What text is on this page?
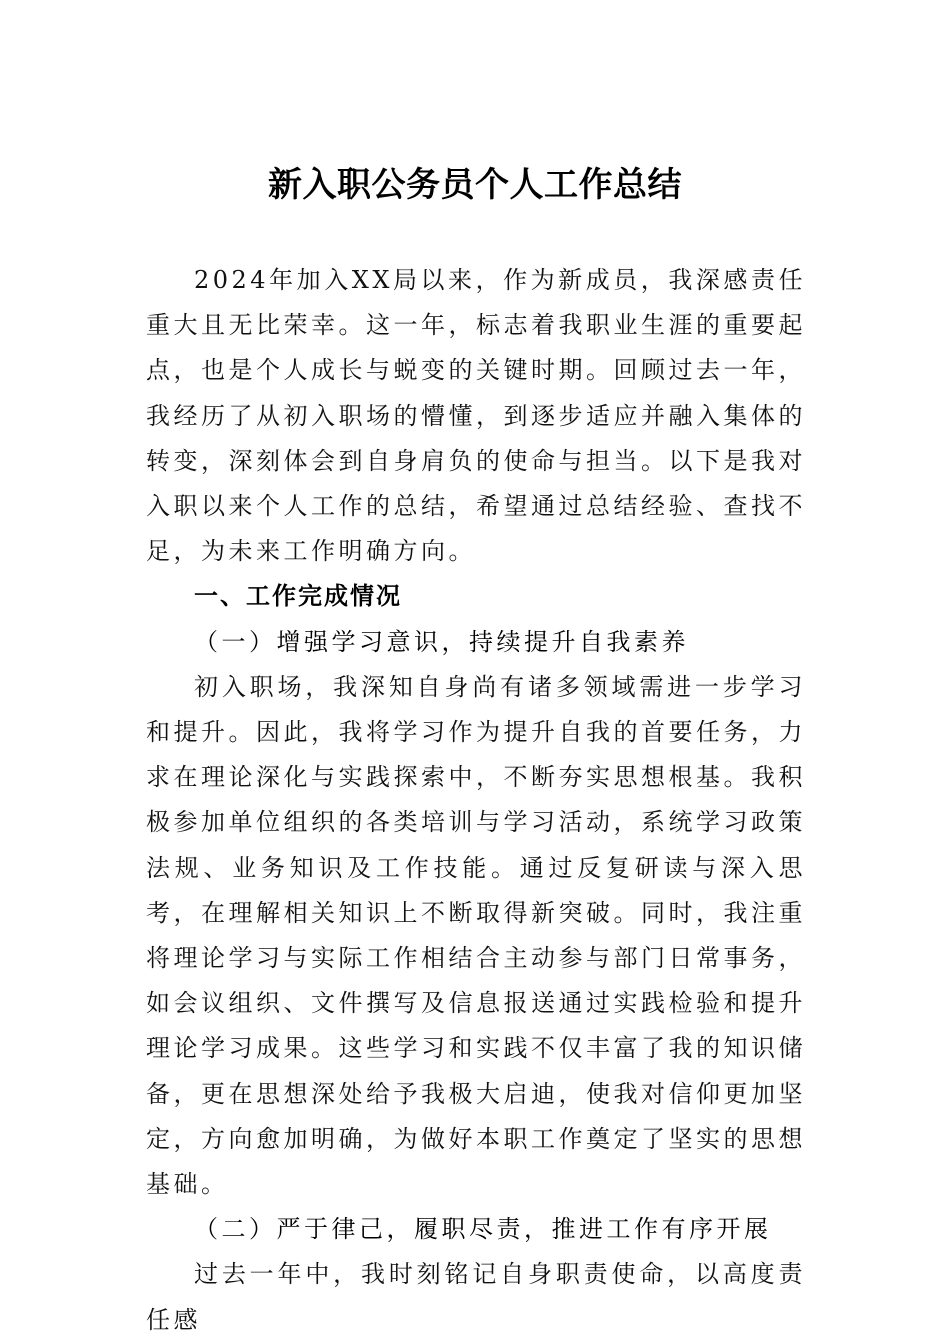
新入职公务员个人工作总结

2024年加入XX局以来，作为新成员，我深感责任重大且无比荣幸。这一年，标志着我职业生涯的重要起点，也是个人成长与蜕变的关键时期。回顾过去一年，我经历了从初入职场的懵懂，到逐步适应并融入集体的转变，深刻体会到自身肩负的使命与担当。以下是我对入职以来个人工作的总结，希望通过总结经验、查找不足，为未来工作明确方向。

一、工作完成情况

（一）增强学习意识，持续提升自我素养

初入职场，我深知自身尚有诸多领域需进一步学习和提升。因此，我将学习作为提升自我的首要任务，力求在理论深化与实践探索中，不断夯实思想根基。我积极参加单位组织的各类培训与学习活动，系统学习政策法规、业务知识及工作技能。通过反复研读与深入思考，在理解相关知识上不断取得新突破。同时，我注重将理论学习与实际工作相结合主动参与部门日常事务，如会议组织、文件撰写及信息报送通过实践检验和提升理论学习成果。这些学习和实践不仅丰富了我的知识储备，更在思想深处给予我极大启迪，使我对信仰更加坚定，方向愈加明确，为做好本职工作奠定了坚实的思想基础。

（二）严于律己，履职尽责，推进工作有序开展

过去一年中，我时刻铭记自身职责使命，以高度责任感
